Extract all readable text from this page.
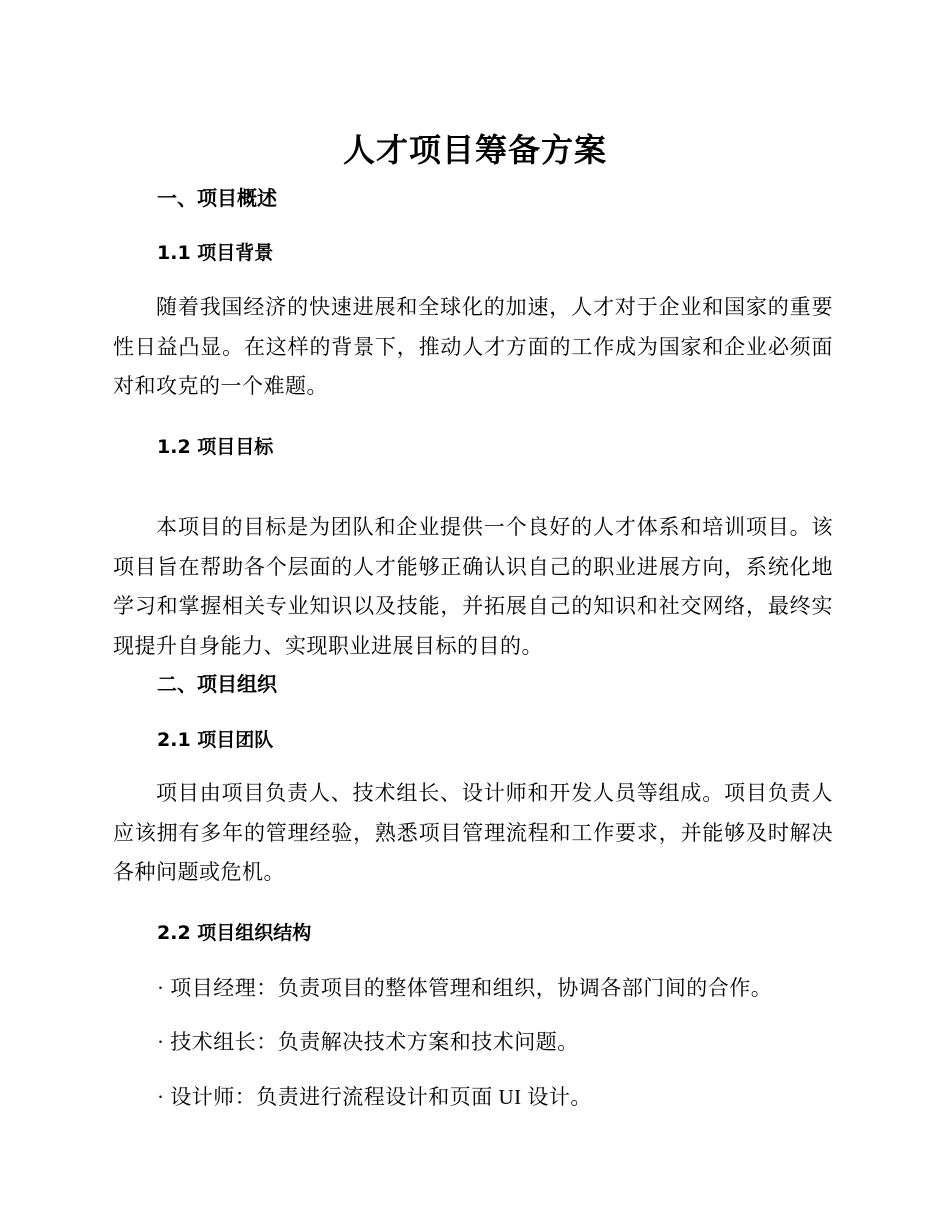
人才项目筹备方案
一、项目概述
1.1 项目背景
随着我国经济的快速进展和全球化的加速，人才对于企业和国家的重要性日益凸显。在这样的背景下，推动人才方面的工作成为国家和企业必须面对和攻克的一个难题。
1.2 项目目标
本项目的目标是为团队和企业提供一个良好的人才体系和培训项目。该项目旨在帮助各个层面的人才能够正确认识自己的职业进展方向，系统化地学习和掌握相关专业知识以及技能，并拓展自己的知识和社交网络，最终实现提升自身能力、实现职业进展目标的目的。
二、项目组织
2.1 项目团队
项目由项目负责人、技术组长、设计师和开发人员等组成。项目负责人应该拥有多年的管理经验，熟悉项目管理流程和工作要求，并能够及时解决各种问题或危机。
2.2 项目组织结构
· 项目经理：负责项目的整体管理和组织，协调各部门间的合作。
· 技术组长：负责解决技术方案和技术问题。
· 设计师：负责进行流程设计和页面 UI 设计。
